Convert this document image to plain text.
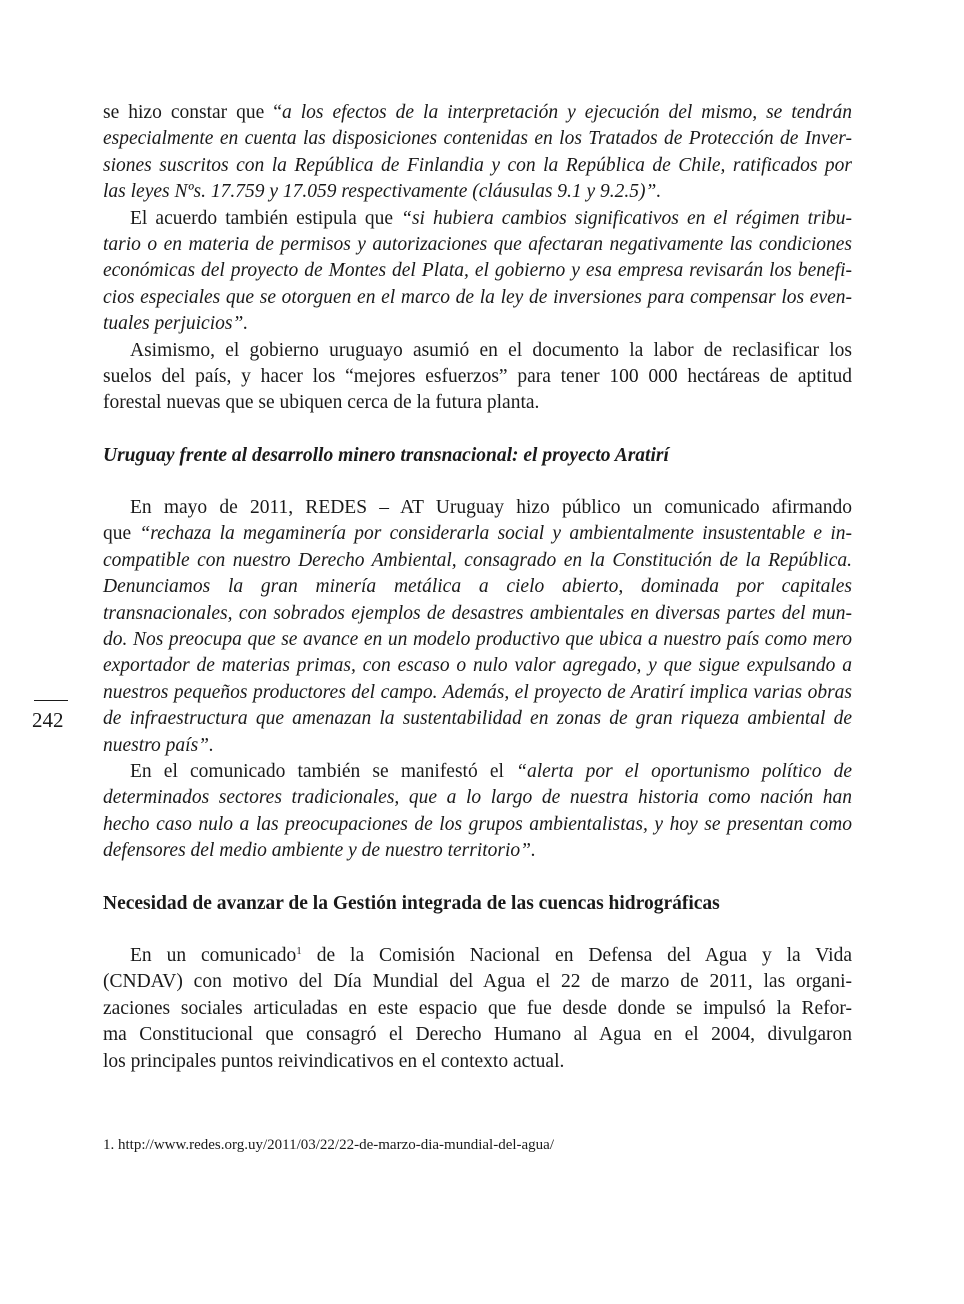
se hizo constar que “a los efectos de la interpretación y ejecución del mismo, se tendrán
especialmente en cuenta las disposiciones contenidas en los Tratados de Protección de Inver-
siones suscritos con la República de Finlandia y con la República de Chile, ratificados por
las leyes Nºs. 17.759 y 17.059 respectivamente (cláusulas 9.1 y 9.2.5)”.
El acuerdo también estipula que “si hubiera cambios significativos en el régimen tribu-
tario o en materia de permisos y autorizaciones que afectaran negativamente las condiciones
económicas del proyecto de Montes del Plata, el gobierno y esa empresa revisarán los benefi-
cios especiales que se otorguen en el marco de la ley de inversiones para compensar los even-
tuales perjuicios”.
Asimismo, el gobierno uruguayo asumió en el documento la labor de reclasificar los
suelos del país, y hacer los “mejores esfuerzos” para tener 100 000 hectáreas de aptitud
forestal nuevas que se ubiquen cerca de la futura planta.
Uruguay frente al desarrollo minero transnacional: el proyecto Aratirí
En mayo de 2011, REDES – AT Uruguay hizo público un comunicado afirmando
que “rechaza la megaminería por considerarla social y ambientalmente insustentable e in-
compatible con nuestro Derecho Ambiental, consagrado en la Constitución de la República.
Denunciamos la gran minería metálica a cielo abierto, dominada por capitales
transnacionales, con sobrados ejemplos de desastres ambientales en diversas partes del mun-
do. Nos preocupa que se avance en un modelo productivo que ubica a nuestro país como mero
exportador de materias primas, con escaso o nulo valor agregado, y que sigue expulsando a
nuestros pequeños productores del campo. Además, el proyecto de Aratirí implica varias obras
de infraestructura que amenazan la sustentabilidad en zonas de gran riqueza ambiental de
nuestro país”.
En el comunicado también se manifestó el “alerta por el oportunismo político de
determinados sectores tradicionales, que a lo largo de nuestra historia como nación han
hecho caso nulo a las preocupaciones de los grupos ambientalistas, y hoy se presentan como
defensores del medio ambiente y de nuestro territorio”.
Necesidad de avanzar de la Gestión integrada de las cuencas hidrográficas
En un comunicado$^1$ de la Comisión Nacional en Defensa del Agua y la Vida
(CNDAV) con motivo del Día Mundial del Agua el 22 de marzo de 2011, las organi-
zaciones sociales articuladas en este espacio que fue desde donde se impulsó la Refor-
ma Constitucional que consagró el Derecho Humano al Agua en el 2004, divulgaron
los principales puntos reivindicativos en el contexto actual.
242
1. http://www.redes.org.uy/2011/03/22/22-de-marzo-dia-mundial-del-agua/
